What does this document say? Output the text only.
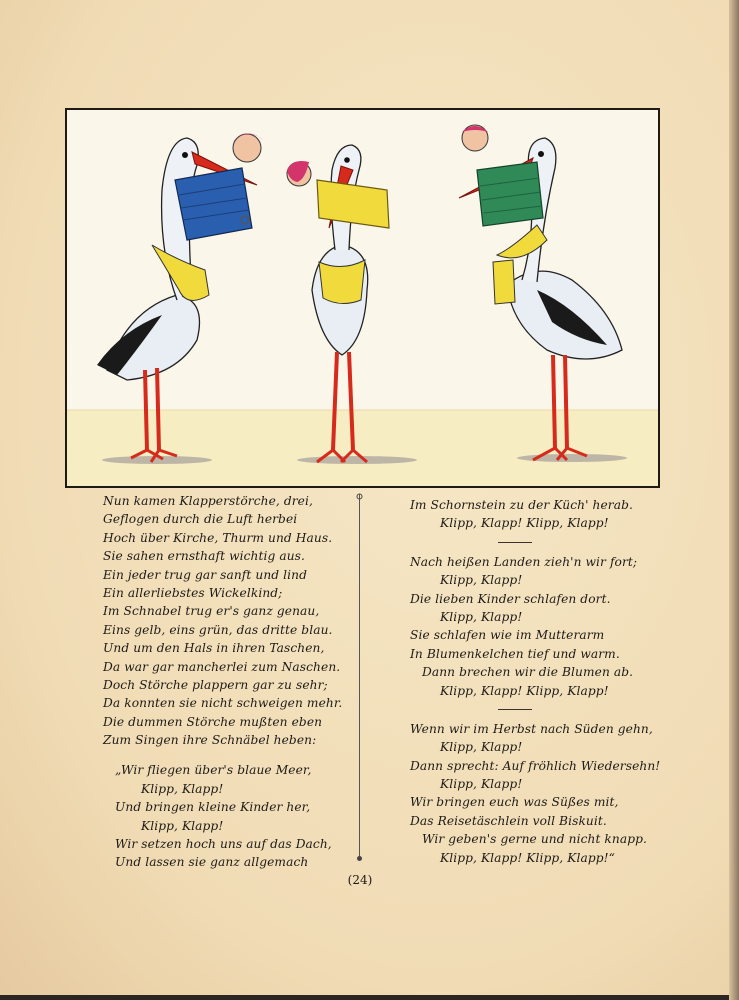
Nun kamen Klapperstörche, drei,
Geflogen durch die Luft herbei
Hoch über Kirche, Thurm und Haus.
Sie sahen ernsthaft wichtig aus.
Ein jeder trug gar sanft und lind
Ein allerliebstes Wickelkind;
Im Schnabel trug er's ganz genau,
Eins gelb, eins grün, das dritte blau.
Und um den Hals in ihren Taschen,
Da war gar mancherlei zum Naschen.
Doch Störche plappern gar zu sehr;
Da konnten sie nicht schweigen mehr.
Die dummen Störche mußten eben
Zum Singen ihre Schnäbel heben:
„Wir fliegen über's blaue Meer,
Klipp, Klapp!
Und bringen kleine Kinder her,
Klipp, Klapp!
Wir setzen hoch uns auf das Dach,
Und lassen sie ganz allgemach
Im Schornstein zu der Küch' herab.
Klipp, Klapp! Klipp, Klapp!
Nach heißen Landen zieh'n wir fort;
Klipp, Klapp!
Die lieben Kinder schlafen dort.
Klipp, Klapp!
Sie schlafen wie im Mutterarm
In Blumenkelchen tief und warm.
Dann brechen wir die Blumen ab.
Klipp, Klapp! Klipp, Klapp!
Wenn wir im Herbst nach Süden gehn,
Klipp, Klapp!
Dann sprecht: Auf fröhlich Wiedersehn!
Klipp, Klapp!
Wir bringen euch was Süßes mit,
Das Reisetäschlein voll Biskuit.
Wir geben's gerne und nicht knapp.
Klipp, Klapp! Klipp, Klapp!“
(24)
